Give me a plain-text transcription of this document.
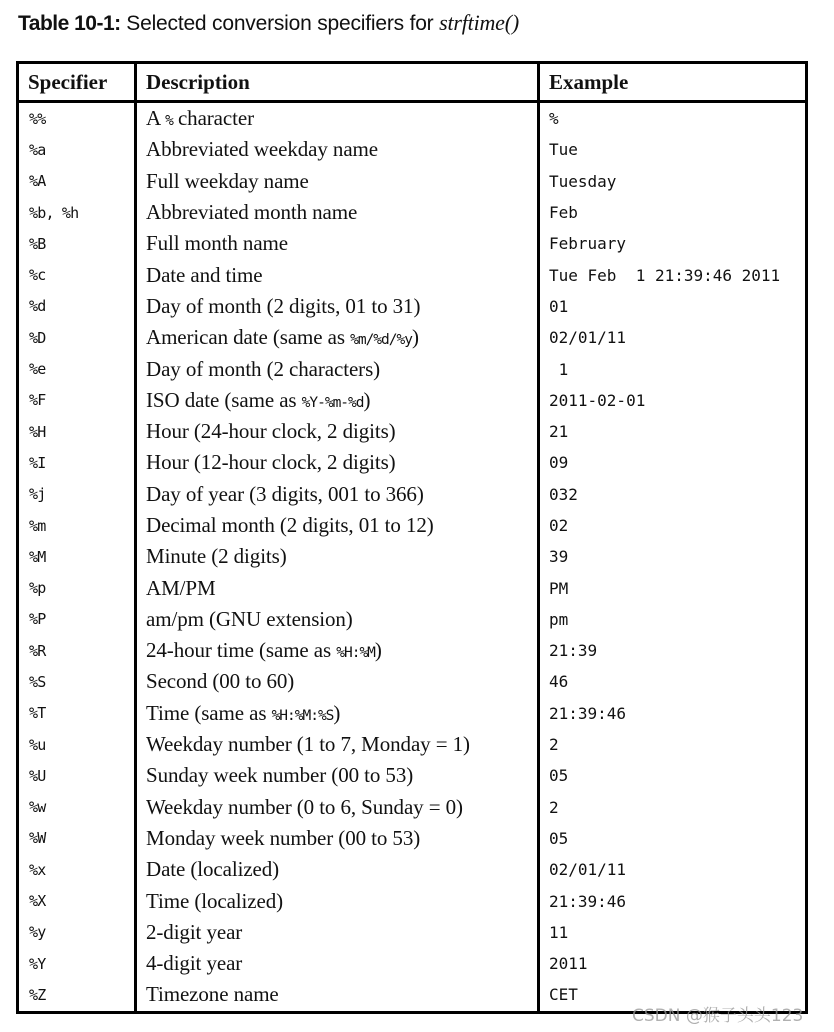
Table 10-1: Selected conversion specifiers for strftime()
Specifier	Description	Example
%%	A % character	%
%a	Abbreviated weekday name	Tue
%A	Full weekday name	Tuesday
%b, %h	Abbreviated month name	Feb
%B	Full month name	February
%c	Date and time	Tue Feb  1 21:39:46 2011
%d	Day of month (2 digits, 01 to 31)	01
%D	American date (same as %m/%d/%y)	02/01/11
%e	Day of month (2 characters)	1
%F	ISO date (same as %Y-%m-%d)	2011-02-01
%H	Hour (24-hour clock, 2 digits)	21
%I	Hour (12-hour clock, 2 digits)	09
%j	Day of year (3 digits, 001 to 366)	032
%m	Decimal month (2 digits, 01 to 12)	02
%M	Minute (2 digits)	39
%p	AM/PM	PM
%P	am/pm (GNU extension)	pm
%R	24-hour time (same as %H:%M)	21:39
%S	Second (00 to 60)	46
%T	Time (same as %H:%M:%S)	21:39:46
%u	Weekday number (1 to 7, Monday = 1)	2
%U	Sunday week number (00 to 53)	05
%w	Weekday number (0 to 6, Sunday = 0)	2
%W	Monday week number (00 to 53)	05
%x	Date (localized)	02/01/11
%X	Time (localized)	21:39:46
%y	2-digit year	11
%Y	4-digit year	2011
%Z	Timezone name	CET
CSDN @猴子头头123
